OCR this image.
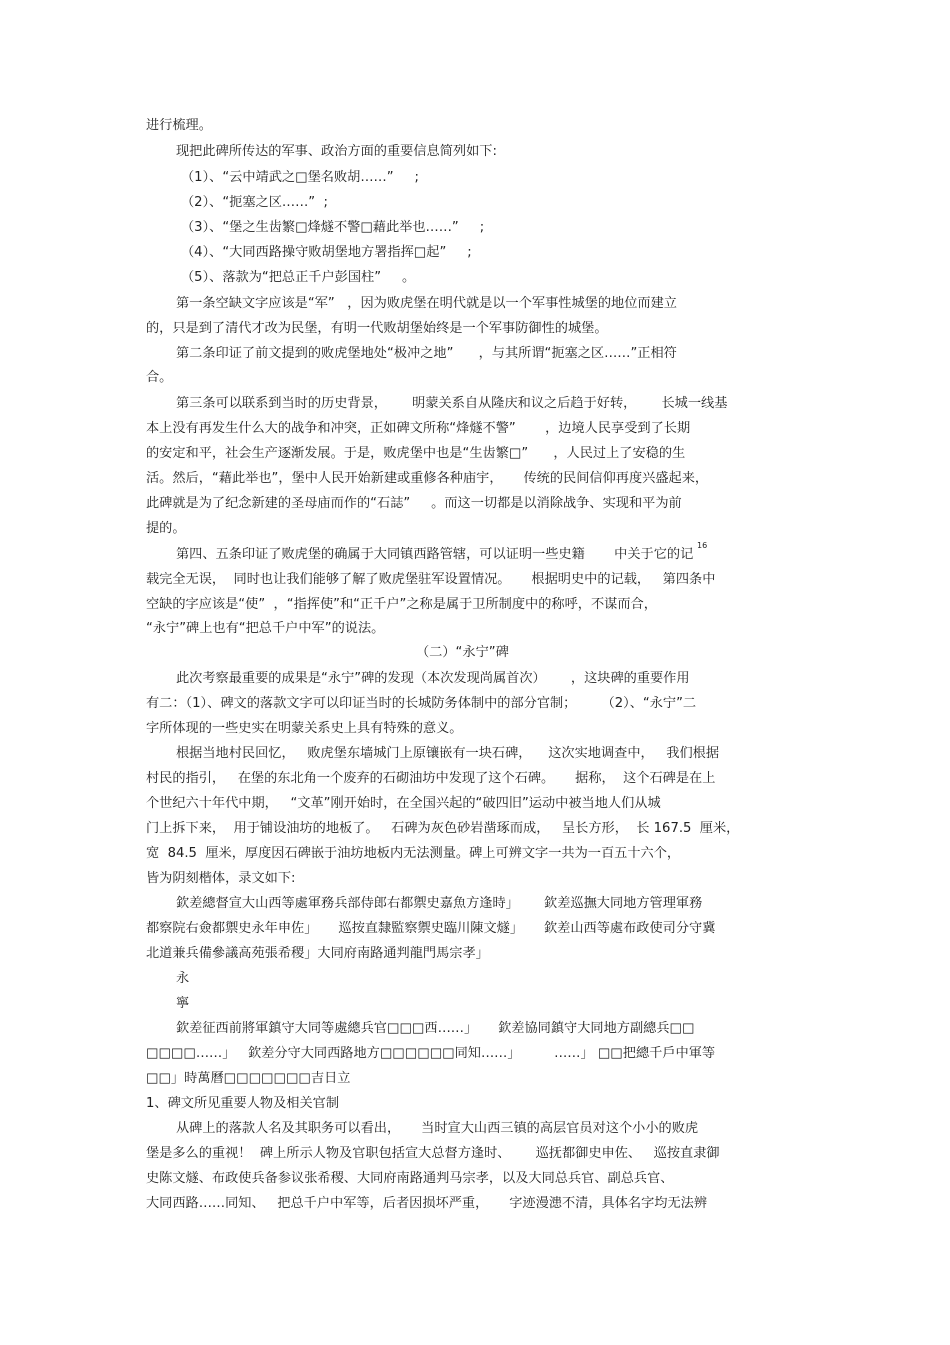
进行梳理。
现把此碑所传达的军事、政治方面的重要信息简列如下:
（1）、“云中靖武之□堡名败胡……”     ;
（2）、“扼塞之区……”  ;
（3）、“堡之生齿繁□烽燧不警□藉此举也……”     ;
（4）、“大同西路操守败胡堡地方署指挥□起”     ;
（5）、落款为“把总正千户彭国柱”     。
第一条空缺文字应该是“军”   ，因为败虎堡在明代就是以一个军事性城堡的地位而建立
的，只是到了清代才改为民堡，有明一代败胡堡始终是一个军事防御性的城堡。
第二条印证了前文提到的败虎堡地处“极冲之地”      ，与其所谓“扼塞之区……”正相符
合。
第三条可以联系到当时的历史背景，      明蒙关系自从隆庆和议之后趋于好转，      长城一线基
本上没有再发生什么大的战争和冲突，正如碑文所称“烽燧不警”       ，边境人民享受到了长期
的安定和平，社会生产逐渐发展。于是，败虎堡中也是“生齿繁□”      ，人民过上了安稳的生
活。然后，“藉此举也”，堡中人民开始新建或重修各种庙宇，     传统的民间信仰再度兴盛起来，
此碑就是为了纪念新建的圣母庙而作的“石誌”     。而这一切都是以消除战争、实现和平为前
提的。
第四、五条印证了败虎堡的确属于大同镇西路管辖，可以证明一些史籍       中关于它的记
16
载完全无误，  同时也让我们能够了解了败虎堡驻军设置情况。     根据明史中的记载，   第四条中
空缺的字应该是“使”  ，“指挥使”和“正千户”之称是属于卫所制度中的称呼，不谋而合，
“永宁”碑上也有“把总千户中军”的说法。
（二）“永宁”碑
此次考察最重要的成果是“永宁”碑的发现（本次发现尚属首次）      ，这块碑的重要作用
有二：（1）、碑文的落款文字可以印证当时的长城防务体制中的部分官制；      （2）、“永宁”二
字所体现的一些史实在明蒙关系史上具有特殊的意义。
根据当地村民回忆，   败虎堡东墙城门上原镶嵌有一块石碑，    这次实地调查中，   我们根据
村民的指引，   在堡的东北角一个废弃的石砌油坊中发现了这个石碑。     据称，  这个石碑是在上
个世纪六十年代中期，   “文革”刚开始时，在全国兴起的“破四旧”运动中被当地人们从城
门上拆下来，  用于铺设油坊的地板了。   石碑为灰色砂岩凿琢而成，   呈长方形，  长 167.5  厘米，
宽  84.5  厘米，厚度因石碑嵌于油坊地板内无法测量。碑上可辨文字一共为一百五十六个，
皆为阴刻楷体，录文如下:
欽差總督宣大山西等處軍務兵部侍郎右都禦史嘉魚方逢時」      欽差巡撫大同地方管理軍務
都察院右僉都禦史永年申佐」     巡按直隸監察禦史臨川陳文燧」     欽差山西等處布政使司分守冀
北道兼兵備參議高苑張希稷」大同府南路通判龍門馬宗孝」
永
寧
欽差征西前將軍鎮守大同等處總兵官□□□西……」     欽差協同鎮守大同地方副總兵□□
□□□□……」   欽差分守大同西路地方□□□□□□同知……」        ……」 □□把總千戶中軍等
□□」時萬曆□□□□□□□吉日立
1、碑文所见重要人物及相关官制
从碑上的落款人名及其职务可以看出，     当时宣大山西三镇的高层官员对这个小小的败虎
堡是多么的重视！  碑上所示人物及官职包括宣大总督方逢时、      巡抚都御史申佐、   巡按直隶御
史陈文燧、布政使兵备参议张希稷、大同府南路通判马宗孝，以及大同总兵官、副总兵官、
大同西路……同知、   把总千户中军等，后者因损坏严重，     字迹漫漶不清，具体名字均无法辨
